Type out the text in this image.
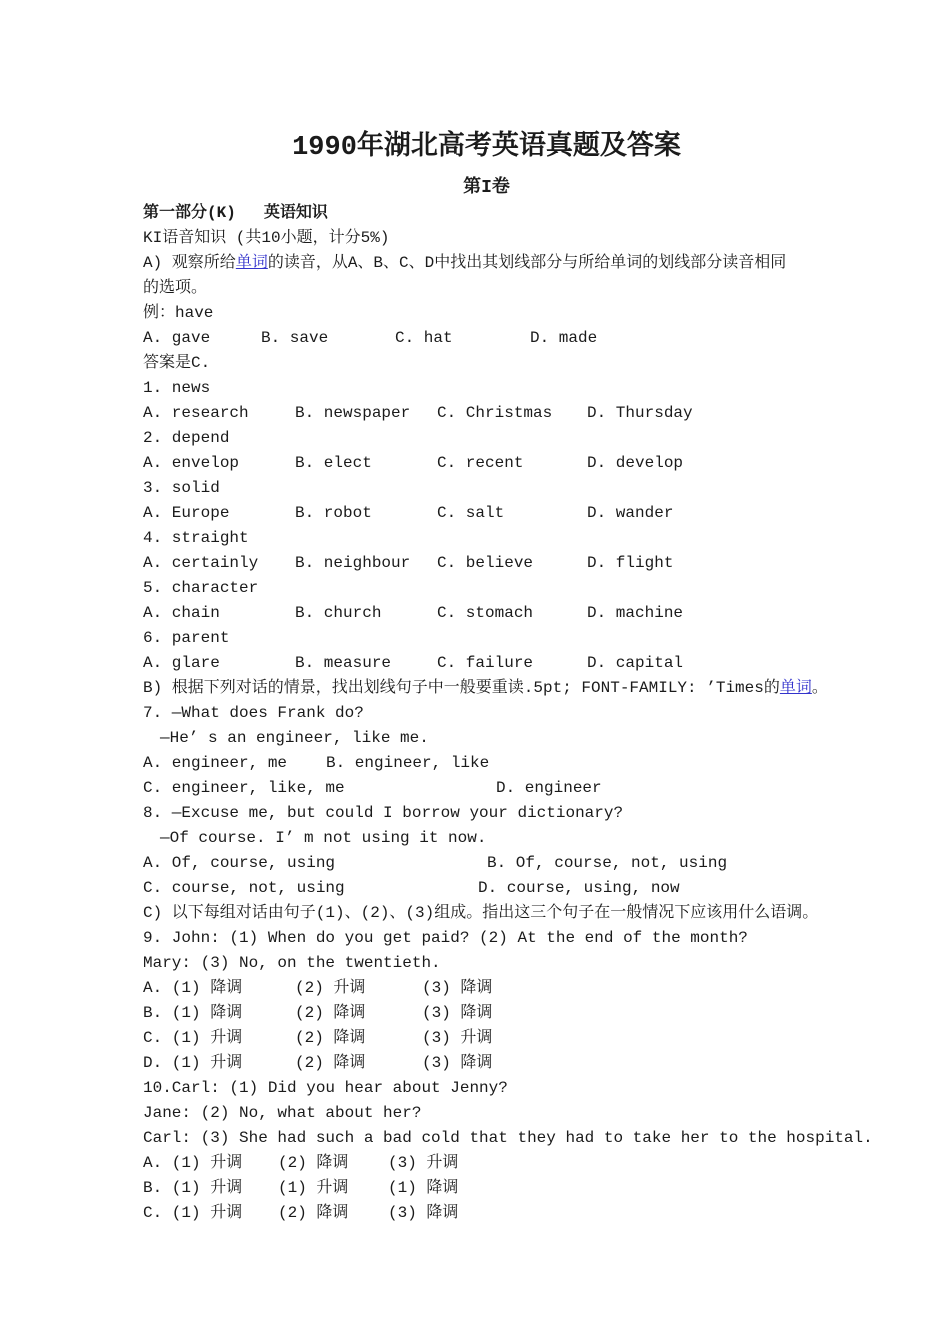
1990年湖北高考英语真题及答案
第I卷
第一部分(K) 英语知识
KI语音知识 (共10小题，计分5%)
A) 观察所给单词的读音，从A、B、C、D中找出其划线部分与所给单词的划线部分读音相同
的选项。
例：have
A. gave	B. save	C. hat	D. made
答案是C.
1. news
A. research	B. newspaper	C. Christmas	D. Thursday
2. depend
A. envelop	B. elect	C. recent	D. develop
3. solid
A. Europe	B. robot	C. salt	D. wander
4. straight
A. certainly	B. neighbour	C. believe	D. flight
5. character
A. chain	B. church	C. stomach	D. machine
6. parent
A. glare	B. measure	C. failure	D. capital
B) 根据下列对话的情景，找出划线句子中一般要重读.5pt; FONT-FAMILY: ’Times的单词。
7. —What does Frank do?
—He’ s an engineer, like me.
A. engineer, me	B. engineer, like
C. engineer, like, me	D. engineer
8. —Excuse me, but could I borrow your dictionary?
—Of course. I’ m not using it now.
A. Of, course, using	B. Of, course, not, using
C. course, not, using	D. course, using, now
C) 以下每组对话由句子(1)、(2)、(3)组成。指出这三个句子在一般情况下应该用什么语调。
9. John: (1) When do you get paid? (2) At the end of the month?
Mary: (3) No, on the twentieth.
A. (1) 降调	(2) 升调	(3) 降调
B. (1) 降调	(2) 降调	(3) 降调
C. (1) 升调	(2) 降调	(3) 升调
D. (1) 升调	(2) 降调	(3) 降调
10.Carl: (1) Did you hear about Jenny?
Jane: (2) No, what about her?
Carl: (3) She had such a bad cold that they had to take her to the hospital.
A. (1) 升调	(2) 降调	(3) 升调
B. (1) 升调	(1) 升调	(1) 降调
C. (1) 升调	(2) 降调	(3) 降调
